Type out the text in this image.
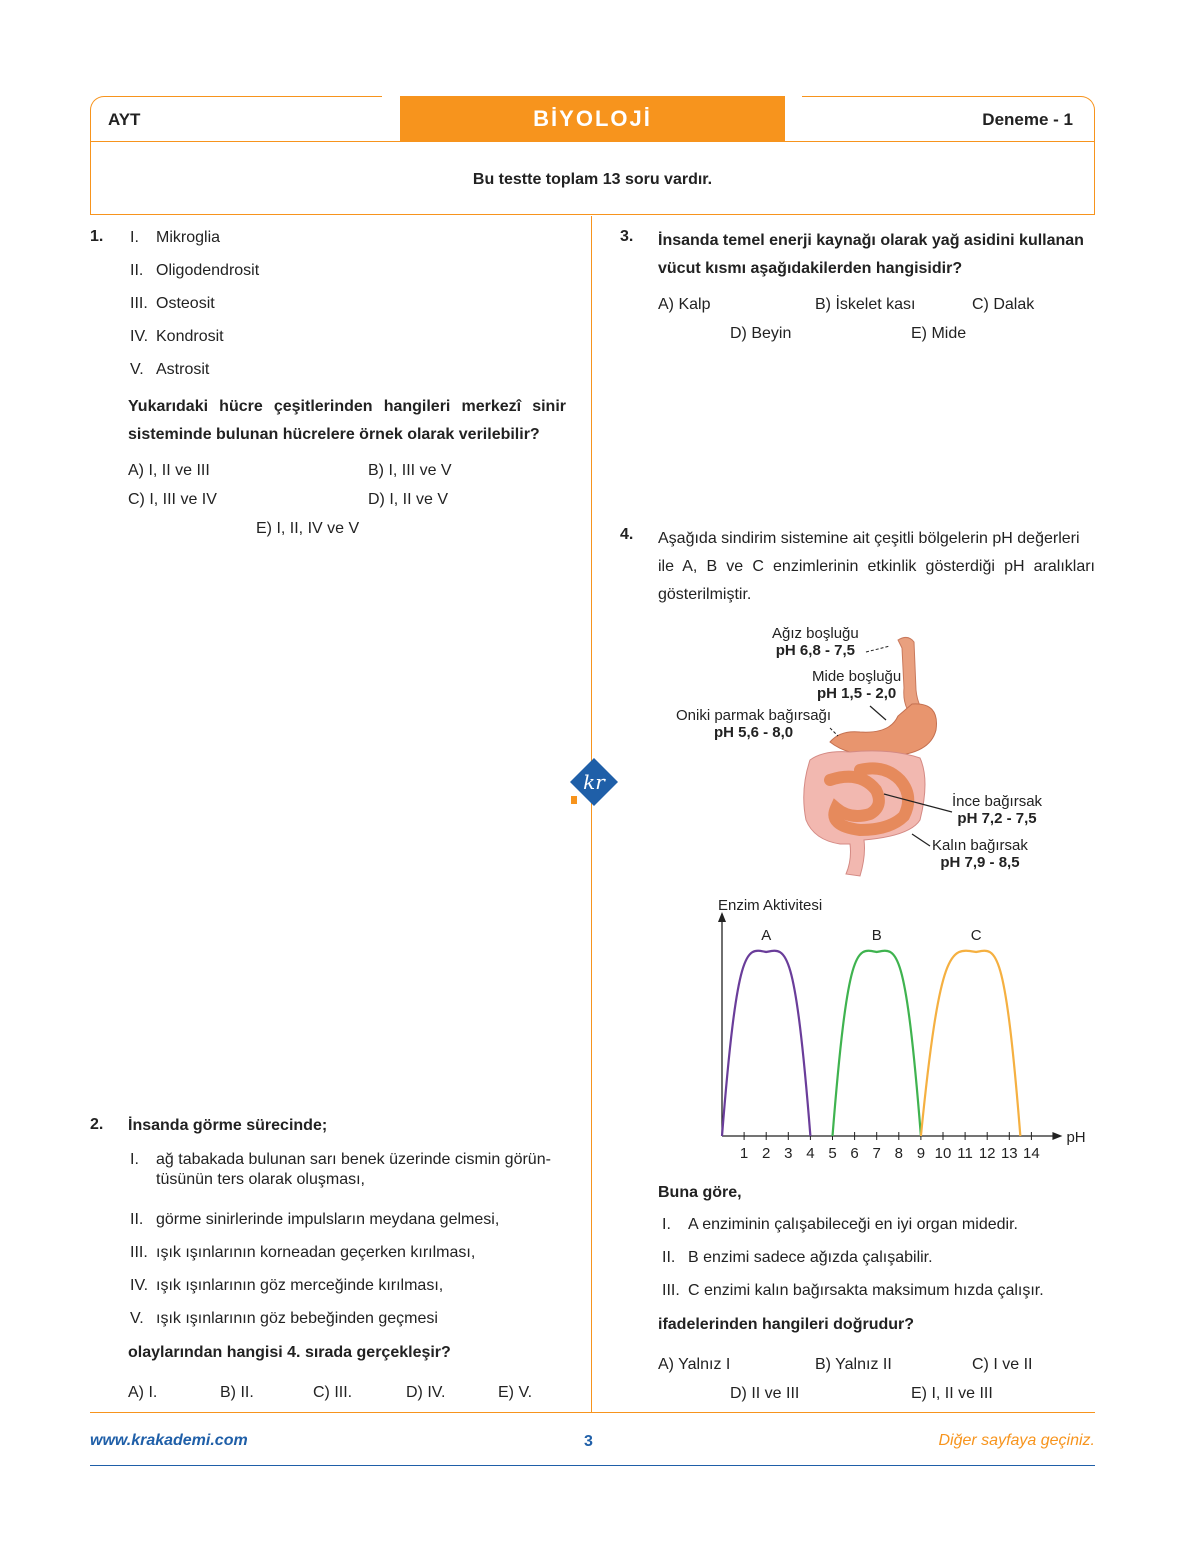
AYT	BİYOLOJİ	Deneme - 1
Bu testte toplam 13 soru vardır.
kr
1. I. Mikroglia
II. Oligodendrosit
III. Osteosit
IV. Kondrosit
V. Astrosit
Yukarıdaki hücre çeşitlerinden hangileri merkezî sinir
sisteminde bulunan hücrelere örnek olarak verilebilir?
A) I, II ve III	B) I, III ve V
C) I, III ve IV	D) I, II ve V
E) I, II, IV ve V
2. İnsanda görme sürecinde;
I. ağ tabakada bulunan sarı benek üzerinde cismin görün-
tüsünün ters olarak oluşması,
II. görme sinirlerinde impulsların meydana gelmesi,
III. ışık ışınlarının korneadan geçerken kırılması,
IV. ışık ışınlarının göz merceğinde kırılması,
V. ışık ışınlarının göz bebeğinden geçmesi
olaylarından hangisi 4. sırada gerçekleşir?
A) I.	B) II.	C) III.	D) IV.	E) V.
3. İnsanda temel enerji kaynağı olarak yağ asidini kullanan
vücut kısmı aşağıdakilerden hangisidir?
A) Kalp	B) İskelet kası	C) Dalak
D) Beyin	E) Mide
4. Aşağıda sindirim sistemine ait çeşitli bölgelerin pH değerleri
ile A, B ve C enzimlerinin etkinlik gösterdiği pH aralıkları
gösterilmiştir.
Ağız boşluğu
pH 6,8 - 7,5
Mide boşluğu
pH 1,5 - 2,0
Oniki parmak bağırsağı
pH 5,6 - 8,0
İnce bağırsak
pH 7,2 - 7,5
Kalın bağırsak
pH 7,9 - 8,5
Enzim Aktivitesi
pH
1 2 3 4 5 6 7 8 9 10 11 12 13 14
A	B	C
Buna göre,
I. A enziminin çalışabileceği en iyi organ midedir.
II. B enzimi sadece ağızda çalışabilir.
III. C enzimi kalın bağırsakta maksimum hızda çalışır.
ifadelerinden hangileri doğrudur?
A) Yalnız I	B) Yalnız II	C) I ve II
D) II ve III	E) I, II ve III
www.krakademi.com	3	Diğer sayfaya geçiniz.
